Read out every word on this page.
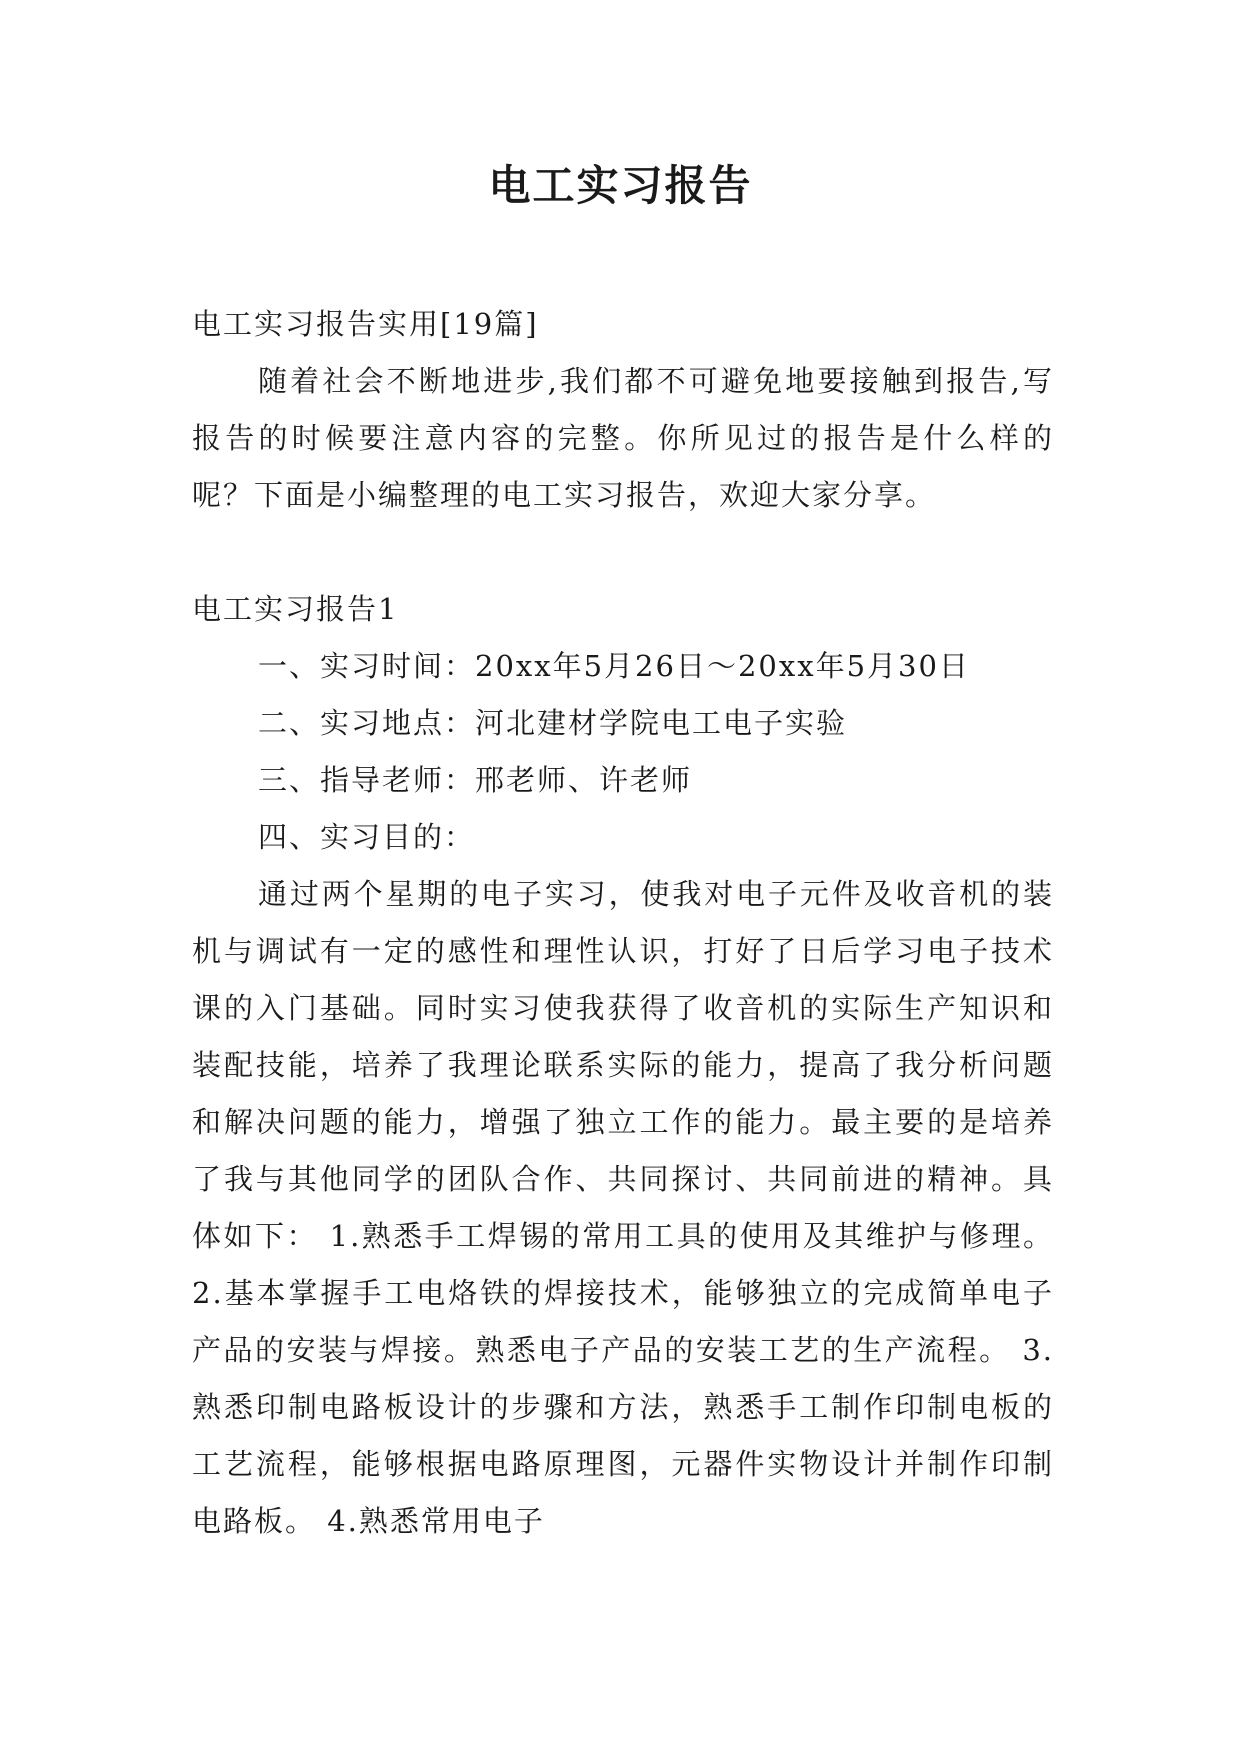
电工实习报告

电工实习报告实用[19篇]

随着社会不断地进步,我们都不可避免地要接触到报告,写报告的时候要注意内容的完整。你所见过的报告是什么样的呢？下面是小编整理的电工实习报告，欢迎大家分享。

电工实习报告1

一、实习时间：20xx年5月26日～20xx年5月30日

二、实习地点：河北建材学院电工电子实验

三、指导老师：邢老师、许老师

四、实习目的：

通过两个星期的电子实习，使我对电子元件及收音机的装机与调试有一定的感性和理性认识，打好了日后学习电子技术课的入门基础。同时实习使我获得了收音机的实际生产知识和装配技能，培养了我理论联系实际的能力，提高了我分析问题和解决问题的能力，增强了独立工作的能力。最主要的是培养了我与其他同学的团队合作、共同探讨、共同前进的精神。具体如下： 1.熟悉手工焊锡的常用工具的使用及其维护与修理。 2.基本掌握手工电烙铁的焊接技术，能够独立的完成简单电子产品的安装与焊接。熟悉电子产品的安装工艺的生产流程。 3.熟悉印制电路板设计的步骤和方法，熟悉手工制作印制电板的工艺流程，能够根据电路原理图，元器件实物设计并制作印制电路板。 4.熟悉常用电子
